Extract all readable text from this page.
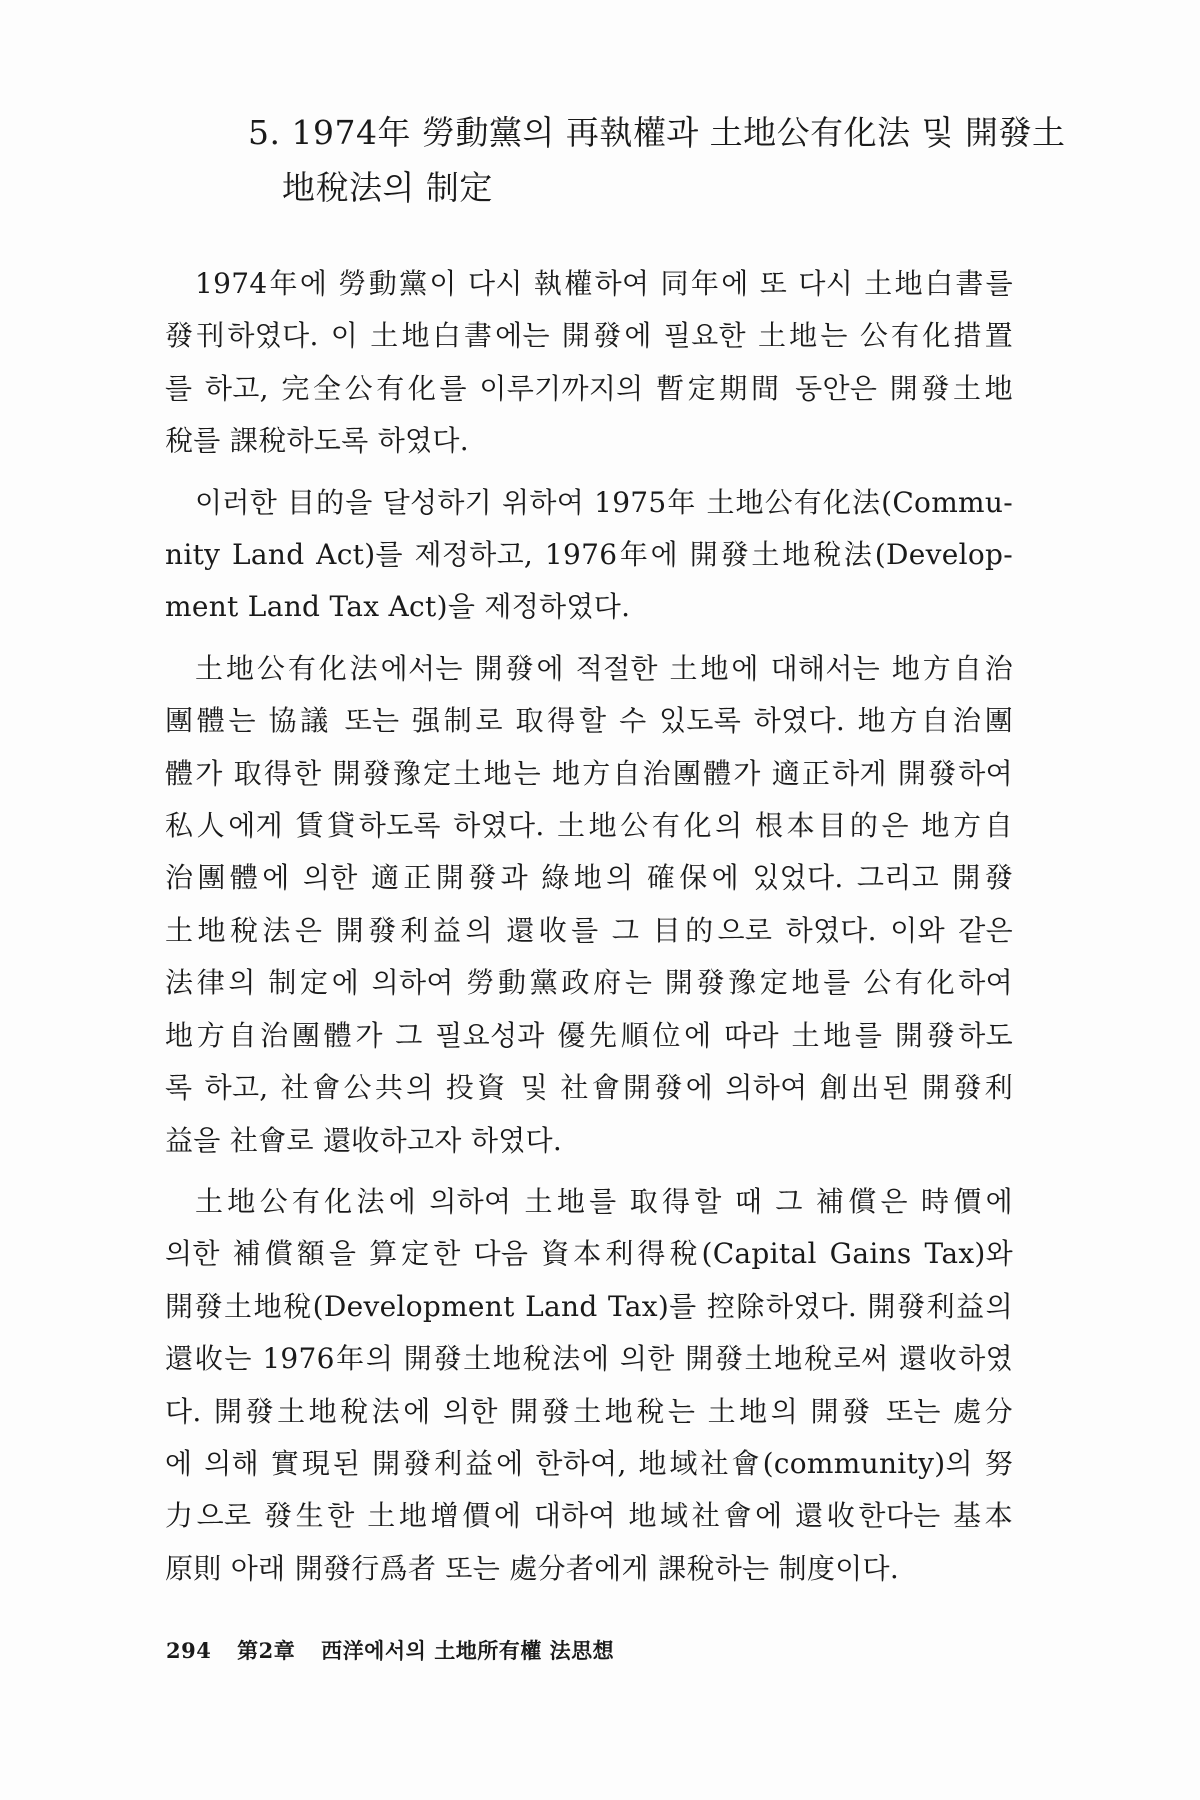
5. 1974年 勞動黨의 再執權과 土地公有化法 및 開發土
地稅法의 制定

1974年에 勞動黨이 다시 執權하여 同年에 또 다시 土地白書를
發刊하였다. 이 土地白書에는 開發에 필요한 土地는 公有化措置
를 하고, 完全公有化를 이루기까지의 暫定期間 동안은 開發土地
稅를 課稅하도록 하였다.

이러한 目的을 달성하기 위하여 1975年 土地公有化法(Commu-
nity Land Act)를 제정하고, 1976年에 開發土地稅法(Develop-
ment Land Tax Act)을 제정하였다.

土地公有化法에서는 開發에 적절한 土地에 대해서는 地方自治
團體는 協議 또는 强制로 取得할 수 있도록 하였다. 地方自治團
體가 取得한 開發豫定土地는 地方自治團體가 適正하게 開發하여
私人에게 賃貸하도록 하였다. 土地公有化의 根本目的은 地方自
治團體에 의한 適正開發과 綠地의 確保에 있었다. 그리고 開發
土地稅法은 開發利益의 還收를 그 目的으로 하였다. 이와 같은
法律의 制定에 의하여 勞動黨政府는 開發豫定地를 公有化하여
地方自治團體가 그 필요성과 優先順位에 따라 土地를 開發하도
록 하고, 社會公共의 投資 및 社會開發에 의하여 創出된 開發利
益을 社會로 還收하고자 하였다.

土地公有化法에 의하여 土地를 取得할 때 그 補償은 時價에
의한 補償額을 算定한 다음 資本利得稅(Capital Gains Tax)와
開發土地稅(Development Land Tax)를 控除하였다. 開發利益의
還收는 1976年의 開發土地稅法에 의한 開發土地稅로써 還收하였
다. 開發土地稅法에 의한 開發土地稅는 土地의 開發 또는 處分
에 의해 實現된 開發利益에 한하여, 地域社會(community)의 努
力으로 發生한 土地增價에 대하여 地域社會에 還收한다는 基本
原則 아래 開發行爲者 또는 處分者에게 課稅하는 制度이다.

294 第2章 西洋에서의 土地所有權 法思想
